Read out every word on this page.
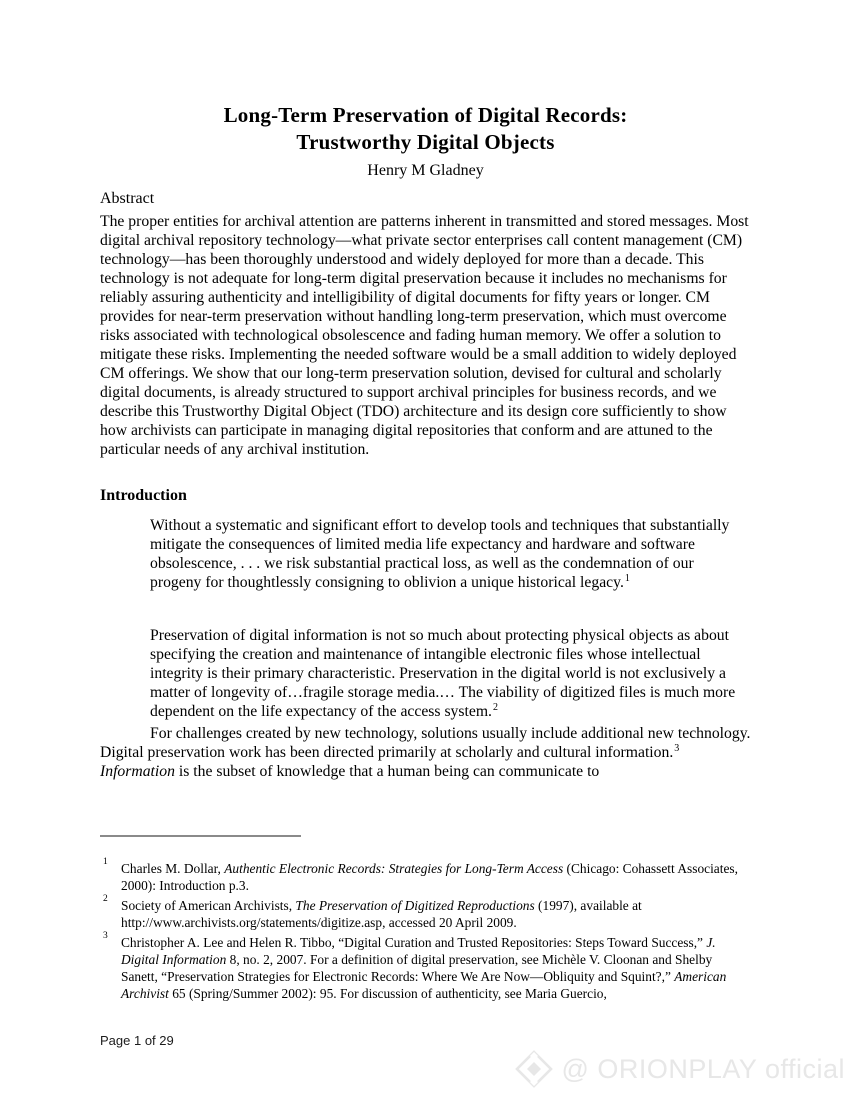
Long-Term Preservation of Digital Records:
Trustworthy Digital Objects
Henry M Gladney
Abstract

The proper entities for archival attention are patterns inherent in transmitted and stored messages. Most digital archival repository technology—what private sector enterprises call content management (CM) technology—has been thoroughly understood and widely deployed for more than a decade. This technology is not adequate for long-term digital preservation because it includes no mechanisms for reliably assuring authenticity and intelligibility of digital documents for fifty years or longer. CM provides for near-term preservation without handling long-term preservation, which must overcome risks associated with technological obsolescence and fading human memory. We offer a solution to mitigate these risks. Implementing the needed software would be a small addition to widely deployed CM offerings. We show that our long-term preservation solution, devised for cultural and scholarly digital documents, is already structured to support archival principles for business records, and we describe this Trustworthy Digital Object (TDO) architecture and its design core sufficiently to show how archivists can participate in managing digital repositories that conform and are attuned to the particular needs of any archival institution.

Introduction
Without a systematic and significant effort to develop tools and techniques that substantially mitigate the consequences of limited media life expectancy and hardware and software obsolescence, . . . we risk substantial practical loss, as well as the condemnation of our progeny for thoughtlessly consigning to oblivion a unique historical legacy.$^1$
Preservation of digital information is not so much about protecting physical objects as about specifying the creation and maintenance of intangible electronic files whose intellectual integrity is their primary characteristic. Preservation in the digital world is not exclusively a matter of longevity of…fragile storage media.… The viability of digitized files is much more dependent on the life expectancy of the access system.$^2$

For challenges created by new technology, solutions usually include additional new technology. Digital preservation work has been directed primarily at scholarly and cultural information.$^3$ Information is the subset of knowledge that a human being can communicate to

1 Charles M. Dollar, Authentic Electronic Records: Strategies for Long-Term Access (Chicago: Cohassett Associates, 2000): Introduction p.3.
2 Society of American Archivists, The Preservation of Digitized Reproductions (1997), available at http://www.archivists.org/statements/digitize.asp, accessed 20 April 2009.
3 Christopher A. Lee and Helen R. Tibbo, “Digital Curation and Trusted Repositories: Steps Toward Success,” J. Digital Information 8, no. 2, 2007. For a definition of digital preservation, see Michèle V. Cloonan and Shelby Sanett, “Preservation Strategies for Electronic Records: Where We Are Now—Obliquity and Squint?,” American Archivist 65 (Spring/Summer 2002): 95. For discussion of authenticity, see Maria Guercio,
Page 1 of 29
@ ORIONPLAY official
